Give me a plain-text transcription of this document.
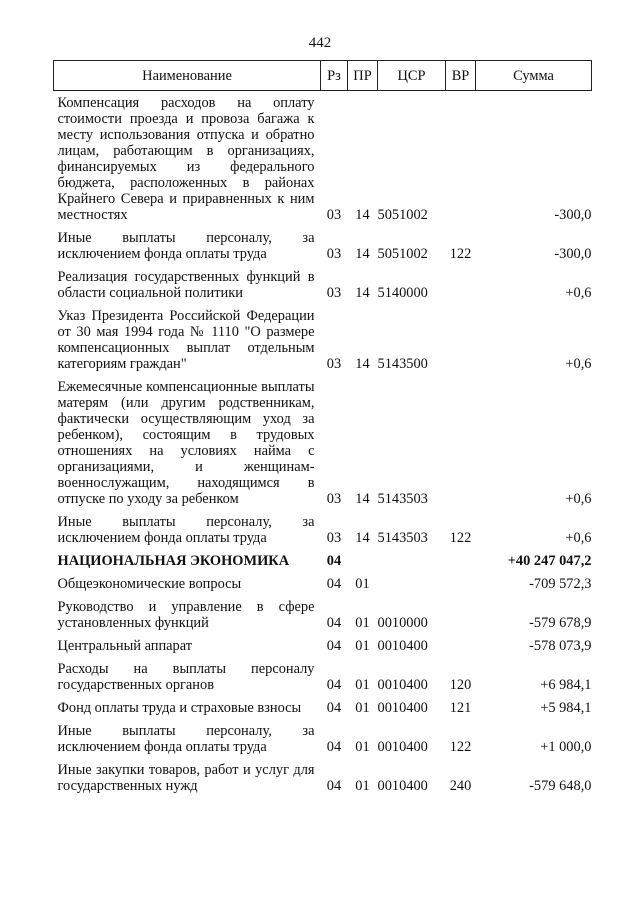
442
Наименование	Рз	ПР	ЦСР	ВР	Сумма
Компенсация расходов на оплату стоимости проезда и провоза багажа к месту использования отпуска и обратно лицам, работающим в организациях, финансируемых из федерального бюджета, расположенных в районах Крайнего Севера и приравненных к ним местностях	03	14	5051002		-300,0
Иные выплаты персоналу, за исключением фонда оплаты труда	03	14	5051002	122	-300,0
Реализация государственных функций в области социальной политики	03	14	5140000		+0,6
Указ Президента Российской Федерации от 30 мая 1994 года № 1110 "О размере компенсационных выплат отдельным категориям граждан"	03	14	5143500		+0,6
Ежемесячные компенсационные выплаты матерям (или другим родственникам, фактически осуществляющим уход за ребенком), состоящим в трудовых отношениях на условиях найма с организациями, и женщинам-военнослужащим, находящимся в отпуске по уходу за ребенком	03	14	5143503		+0,6
Иные выплаты персоналу, за исключением фонда оплаты труда	03	14	5143503	122	+0,6
НАЦИОНАЛЬНАЯ ЭКОНОМИКА	04				+40 247 047,2
Общеэкономические вопросы	04	01			-709 572,3
Руководство и управление в сфере установленных функций	04	01	0010000		-579 678,9
Центральный аппарат	04	01	0010400		-578 073,9
Расходы на выплаты персоналу государственных органов	04	01	0010400	120	+6 984,1
Фонд оплаты труда и страховые взносы	04	01	0010400	121	+5 984,1
Иные выплаты персоналу, за исключением фонда оплаты труда	04	01	0010400	122	+1 000,0
Иные закупки товаров, работ и услуг для государственных нужд	04	01	0010400	240	-579 648,0
